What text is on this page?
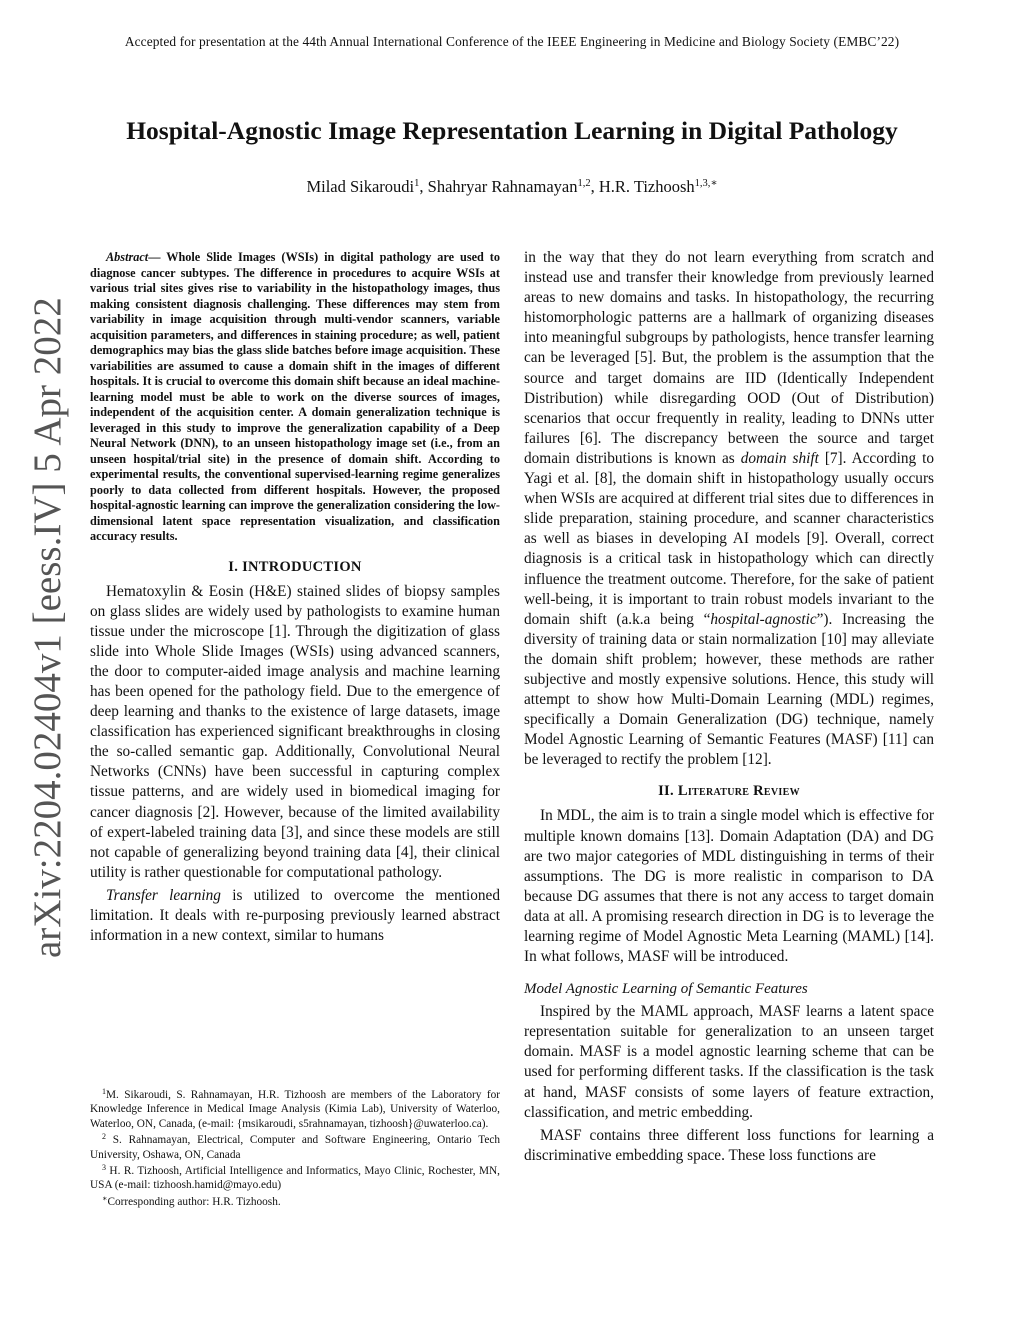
Accepted for presentation at the 44th Annual International Conference of the IEEE Engineering in Medicine and Biology Society (EMBC’22)
Hospital-Agnostic Image Representation Learning in Digital Pathology
Milad Sikaroudi$^1$, Shahryar Rahnamayan$^{1,2}$, H.R. Tizhoosh$^{1,3,∗}$
arXiv:2204.02404v1 [eess.IV] 5 Apr 2022

Abstract— Whole Slide Images (WSIs) in digital pathology are used to diagnose cancer subtypes. The difference in procedures to acquire WSIs at various trial sites gives rise to variability in the histopathology images, thus making consistent diagnosis challenging. These differences may stem from variability in image acquisition through multi-vendor scanners, variable acquisition parameters, and differences in staining procedure; as well, patient demographics may bias the glass slide batches before image acquisition. These variabilities are assumed to cause a domain shift in the images of different hospitals. It is crucial to overcome this domain shift because an ideal machine-learning model must be able to work on the diverse sources of images, independent of the acquisition center. A domain generalization technique is leveraged in this study to improve the generalization capability of a Deep Neural Network (DNN), to an unseen histopathology image set (i.e., from an unseen hospital/trial site) in the presence of domain shift. According to experimental results, the conventional supervised-learning regime generalizes poorly to data collected from different hospitals. However, the proposed hospital-agnostic learning can improve the generalization considering the low-dimensional latent space representation visualization, and classification accuracy results.

I. INTRODUCTION

Hematoxylin & Eosin (H&E) stained slides of biopsy samples on glass slides are widely used by pathologists to examine human tissue under the microscope [1]. Through the digitization of glass slide into Whole Slide Images (WSIs) using advanced scanners, the door to computer-aided image analysis and machine learning has been opened for the pathology field. Due to the emergence of deep learning and thanks to the existence of large datasets, image classification has experienced significant breakthroughs in closing the so-called semantic gap. Additionally, Convolutional Neural Networks (CNNs) have been successful in capturing complex tissue patterns, and are widely used in biomedical imaging for cancer diagnosis [2]. However, because of the limited availability of expert-labeled training data [3], and since these models are still not capable of generalizing beyond training data [4], their clinical utility is rather questionable for computational pathology.

Transfer learning is utilized to overcome the mentioned limitation. It deals with re-purposing previously learned abstract information in a new context, similar to humans

$^1$M. Sikaroudi, S. Rahnamayan, H.R. Tizhoosh are members of the Laboratory for Knowledge Inference in Medical Image Analysis (Kimia Lab), University of Waterloo, Waterloo, ON, Canada, (e-mail: {msikaroudi, s5rahnamayan, tizhoosh}@uwaterloo.ca).

$^2$ S. Rahnamayan, Electrical, Computer and Software Engineering, Ontario Tech University, Oshawa, ON, Canada

$^3$ H. R. Tizhoosh, Artificial Intelligence and Informatics, Mayo Clinic, Rochester, MN, USA (e-mail: tizhoosh.hamid@mayo.edu)

∗Corresponding author: H.R. Tizhoosh.

in the way that they do not learn everything from scratch and instead use and transfer their knowledge from previously learned areas to new domains and tasks. In histopathology, the recurring histomorphologic patterns are a hallmark of organizing diseases into meaningful subgroups by pathologists, hence transfer learning can be leveraged [5]. But, the problem is the assumption that the source and target domains are IID (Identically Independent Distribution) while disregarding OOD (Out of Distribution) scenarios that occur frequently in reality, leading to DNNs utter failures [6]. The discrepancy between the source and target domain distributions is known as domain shift [7]. According to Yagi et al. [8], the domain shift in histopathology usually occurs when WSIs are acquired at different trial sites due to differences in slide preparation, staining procedure, and scanner characteristics as well as biases in developing AI models [9]. Overall, correct diagnosis is a critical task in histopathology which can directly influence the treatment outcome. Therefore, for the sake of patient well-being, it is important to train robust models invariant to the domain shift (a.k.a being “hospital-agnostic”). Increasing the diversity of training data or stain normalization [10] may alleviate the domain shift problem; however, these methods are rather subjective and mostly expensive solutions. Hence, this study will attempt to show how Multi-Domain Learning (MDL) regimes, specifically a Domain Generalization (DG) technique, namely Model Agnostic Learning of Semantic Features (MASF) [11] can be leveraged to rectify the problem [12].

II. Literature Review

In MDL, the aim is to train a single model which is effective for multiple known domains [13]. Domain Adaptation (DA) and DG are two major categories of MDL distinguishing in terms of their assumptions. The DG is more realistic in comparison to DA because DG assumes that there is not any access to target domain data at all. A promising research direction in DG is to leverage the learning regime of Model Agnostic Meta Learning (MAML) [14]. In what follows, MASF will be introduced.

Model Agnostic Learning of Semantic Features

Inspired by the MAML approach, MASF learns a latent space representation suitable for generalization to an unseen target domain. MASF is a model agnostic learning scheme that can be used for performing different tasks. If the classification is the task at hand, MASF consists of some layers of feature extraction, classification, and metric embedding.

MASF contains three different loss functions for learning a discriminative embedding space. These loss functions are
